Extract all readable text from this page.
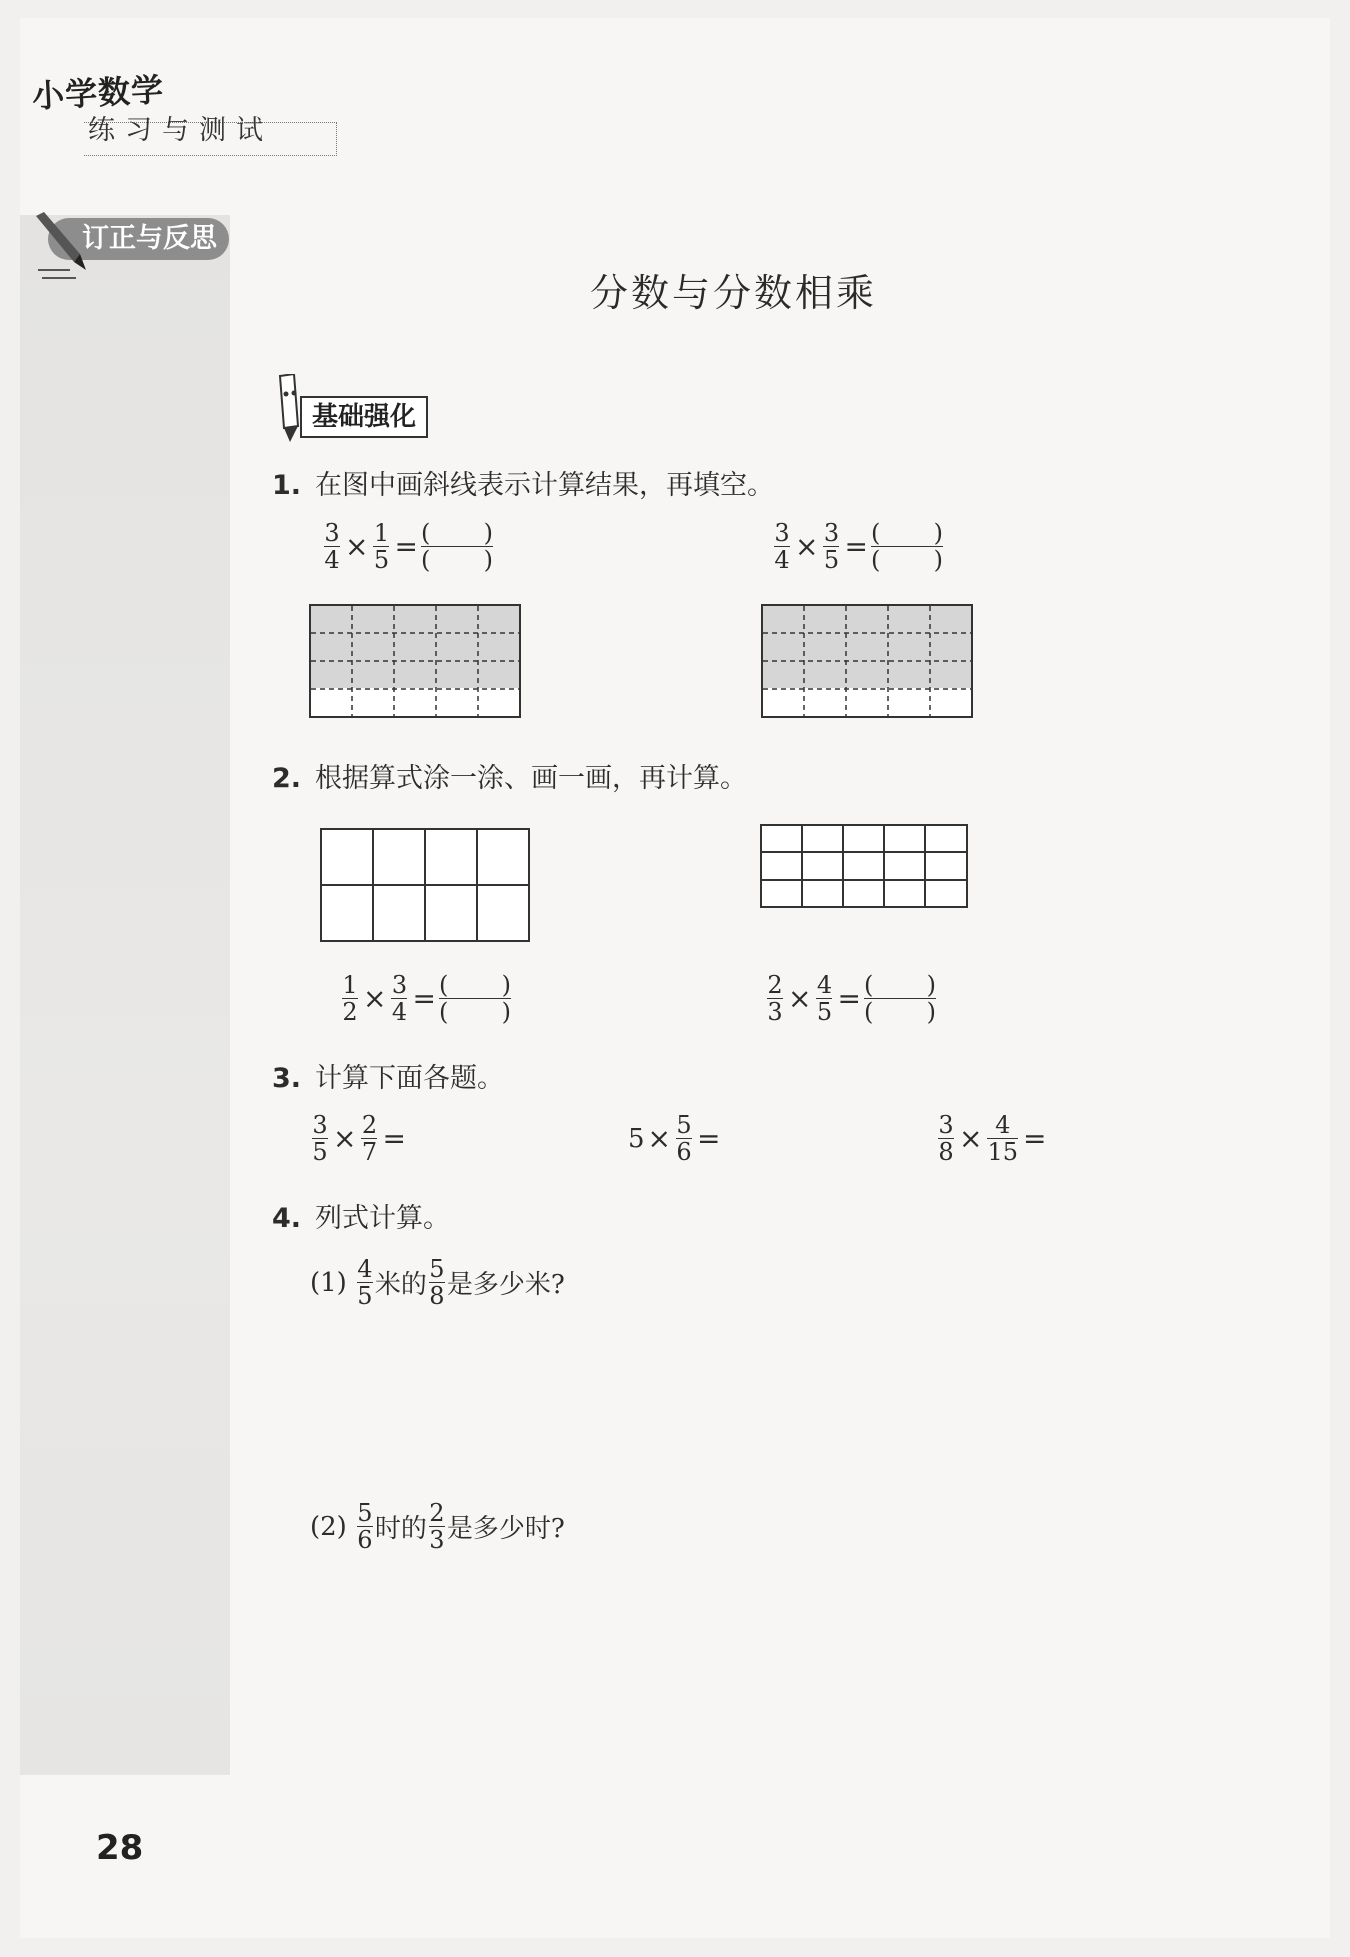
小学数学
练习与测试
订正与反思
分数与分数相乘
基础强化
1. 在图中画斜线表示计算结果，再填空。
$\frac{3}{4} \times \frac{1}{5}$ = ( )
( )	$\frac{3}{4} \times \frac{3}{5}$ = ( )
( )
2. 根据算式涂一涂、画一画，再计算。
$\frac{1}{2} \times \frac{3}{4}$ = ( )
( )	$\frac{2}{3} \times \frac{4}{5}$ = ( )
( )
3. 计算下面各题。
$\frac{3}{5} \times \frac{2}{7}$ =	$5 \times \frac{5}{6}$ =	$\frac{3}{8} \times \frac{4}{15}$ =
4. 列式计算。
$(1) \frac{4}{5}$ 米的 $\frac{5}{8}$ 是多少米?
$(2) \frac{5}{6}$ 时的 $\frac{2}{3}$ 是多少时?
28
